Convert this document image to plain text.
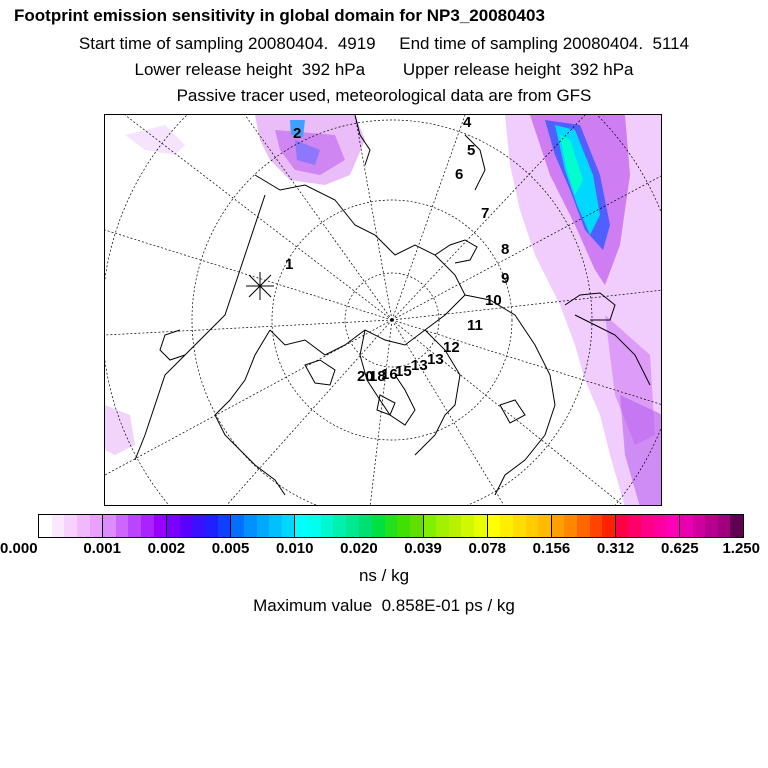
Footprint emission sensitivity in global domain for NP3_20080403
Start time of sampling 20080404.  4919     End time of sampling 20080404.  5114
Lower release height  392 hPa        Upper release height  392 hPa
Passive tracer used, meteorological data are from GFS
1
2
4
5
6
7
8
9
10
11
12
13
13
15
16
18
20
0.000	0.001 0.002 0.005 0.010 0.020 0.039 0.078 0.156 0.312 0.625 1.250
ns / kg
Maximum value  0.858E-01 ps / kg
